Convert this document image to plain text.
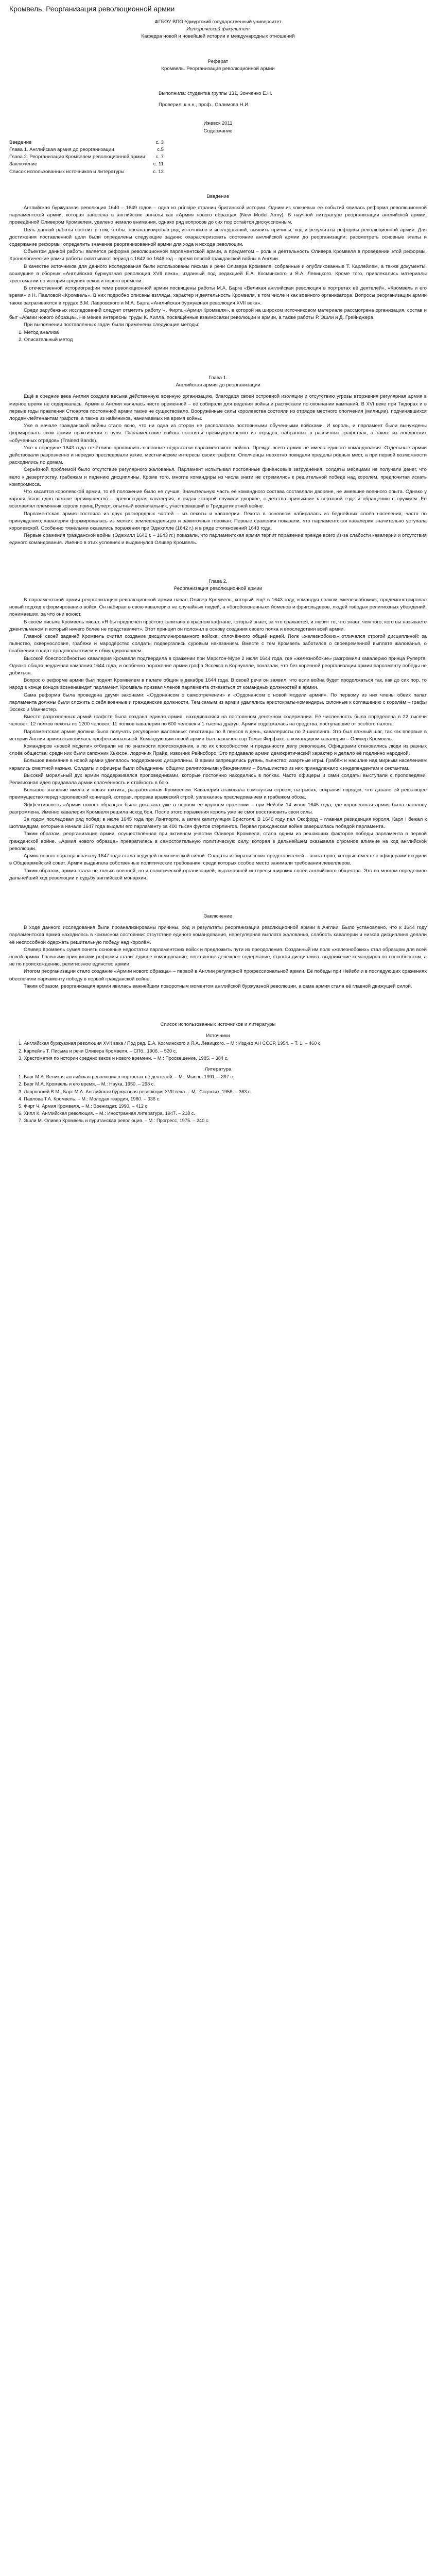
Кромвель. Реорганизация революционной армии
ФГБОУ ВПО Удмуртский государственный университет
Исторический факультет
Кафедра новой и новейшей истории и международных отношений
Реферат
Кромвель. Реорганизация революционной армии
Выполнила: студентка группы 131, Зонченко Е.Н.
Проверил: к.н.н., проф., Салимова Н.И.
Ижевск 2011
Содержание
Введение	с. 3
Глава 1. Английская армия до реорганизации	с.5
Глава 2. Реорганизация Кромвелем революционной армии с. 7
Заключение	с. 11
Список использованных источников и литературы	с. 12
Введение

Английская буржуазная революция 1640 – 1649 годов – одна из príncipe страниц британской истории. Одним из ключевых её событий явилась реформа революционной парламентской армии, которая занесена в английские анналы как «Армия нового образца» (New Model Army). В научной литературе реорганизации английской армии, проведённой Оливером Кромвелем, уделено немало внимания, однако ряд вопросов до сих пор остаётся дискуссионным.

Цель данной работы состоит в том, чтобы, проанализировав ряд источников и исследований, выявить причины, ход и результаты реформы революционной армии. Для достижения поставленной цели были определены следующие задачи: охарактеризовать состояние английской армии до реорганизации; рассмотреть основные этапы и содержание реформы; определить значение реорганизованной армии для хода и исхода революции.

Объектом данной работы является реформа революционной парламентской армии, а предметом – роль и деятельность Оливера Кромвеля в проведении этой реформы. Хронологические рамки работы охватывают период с 1642 по 1646 год – время первой гражданской войны в Англии.

В качестве источников для данного исследования были использованы письма и речи Оливера Кромвеля, собранные и опубликованные Т. Карлейлем, а также документы, вошедшие в сборник «Английская буржуазная революция XVII века», изданный под редакцией Е.А. Косминского и Я.А. Левицкого. Кроме того, привлекались материалы хрестоматии по истории средних веков и нового времени.

В отечественной историографии теме революционной армии посвящены работы М.А. Барга «Великая английская революция в портретах её деятелей», «Кромвель и его время» и Н. Павловой «Кромвель». В них подробно описаны взгляды, характер и деятельность Кромвеля, в том числе и как военного организатора. Вопросы реорганизации армии также затрагиваются в трудах В.М. Лавровского и М.А. Барга «Английская буржуазная революция XVII века».

Среди зарубежных исследований следует отметить работу Ч. Фирта «Армия Кромвеля», в которой на широком источниковом материале рассмотрена организация, состав и быт «Армии нового образца». Не менее интересны труды К. Хилла, посвящённые взаимосвязи революции и армии, а также работы Р. Эшли и Д. Грейнджера.

При выполнении поставленных задач были применены следующие методы:

1. Метод анализа
2. Описательный метод
Глава 1.
Английская армия до реорганизации

Ещё в средние века Англия создала весьма действенную военную организацию, благодаря своей островной изоляции и отсутствию угрозы вторжения регулярная армия в мирное время не содержалась. Армия в Англии являлась чисто временной – её собирали для ведения войны и распускали по окончании кампаний. В XVI веке при Тюдорах и в первые годы правления Стюартов постоянной армии также не существовало. Вооружённые силы королевства состояли из отрядов местного ополчения (милиции), подчинявшихся лордам-лейтенантам графств, а также из наёмников, нанимаемых на время войны.

Уже в начале гражданской войны стало ясно, что ни одна из сторон не располагала постоянными обученными войсками. И король, и парламент были вынуждены формировать свои армии практически с нуля. Парламентские войска состояли преимущественно из отрядов, набранных в различных графствах, а также из лондонских «обученных отрядов» (Trained Bands).

Уже к середине 1643 года отчётливо проявились основные недостатки парламентского войска. Прежде всего армия не имела единого командования. Отдельные армии действовали разрозненно и нередко преследовали узкие, местнические интересы своих графств. Ополченцы неохотно покидали пределы родных мест, а при первой возможности расходились по домам.

Серьёзной проблемой было отсутствие регулярного жалованья. Парламент испытывал постоянные финансовые затруднения, солдаты месяцами не получали денег, что вело к дезертирству, грабежам и падению дисциплины. Кроме того, многие командиры из числа знати не стремились к решительной победе над королём, предпочитая искать компромисса.

Что касается королевской армии, то её положение было не лучше. Значительную часть её командного состава составляли дворяне, не имевшие военного опыта. Однако у короля было одно важное преимущество – превосходная кавалерия, в рядах которой служили дворяне, с детства привыкшие к верховой езде и обращению с оружием. Её возглавлял племянник короля принц Руперт, опытный военачальник, участвовавший в Тридцатилетней войне.

Парламентская армия состояла из двух разнородных частей – из пехоты и кавалерии. Пехота в основном набиралась из беднейших слоёв населения, часто по принуждению; кавалерия формировалась из мелких землевладельцев и зажиточных горожан. Первые сражения показали, что парламентская кавалерия значительно уступала королевской. Особенно тяжёлыми оказались поражения при Эджхилле (1642 г.) и в ряде столкновений 1643 года.

Первые сражения гражданской войны (Эджхилл 1642 г. – 1643 гг.) показали, что парламентская армия терпит поражение прежде всего из-за слабости кавалерии и отсутствия единого командования. Именно в этих условиях и выдвинулся Оливер Кромвель.

Глава 2.
Реорганизация революционной армии

В парламентской армии реорганизацию революционной армии начал Оливер Кромвель, который ещё в 1643 году, командуя полком «железнобоких», продемонстрировал новый подход к формированию войск. Он набирал в свою кавалерию не случайных людей, а «богобоязненных» йоменов и фригольдеров, людей твёрдых религиозных убеждений, понимавших, за что они воюют.

В своём письме Кромвель писал: «Я бы предпочёл простого капитана в красном кафтане, который знает, за что сражается, и любит то, что знает, чем того, кого вы называете джентльменом и который ничего более не представляет». Этот принцип он положил в основу создания своего полка и впоследствии всей армии.

Главной своей задачей Кромвель считал создание дисциплинированного войска, сплочённого общей идеей. Полк «железнобоких» отличался строгой дисциплиной: за пьянство, сквернословие, грабежи и мародёрство солдаты подвергались суровым наказаниям. Вместе с тем Кромвель заботился о своевременной выплате жалованья, о снабжении солдат продовольствием и обмундированием.

Высокой боеспособностью кавалерия Кромвеля подтвердила в сражении при Марстон-Муре 2 июля 1644 года, где «железнобокие» разгромили кавалерию принца Руперта. Однако общая неудачная кампания 1644 года, и особенно поражение армии графа Эссекса в Корнуолле, показали, что без коренной реорганизации армии парламенту победы не добиться.

Вопрос о реформе армии был поднят Кромвелем в палате общин в декабре 1644 года. В своей речи он заявил, что если война будет продолжаться так, как до сих пор, то народ в конце концов возненавидит парламент. Кромвель призвал членов парламента отказаться от командных должностей в армии.

Сама реформа была проведена двумя законами: «Ордонансом о самоотречении» и «Ордонансом о новой модели армии». По первому из них члены обеих палат парламента должны были сложить с себя военные и гражданские должности. Тем самым из армии удалялись аристократы-командиры, склонные к соглашению с королём – графы Эссекс и Манчестер.

Вместо разрозненных армий графств была создана единая армия, находившаяся на постоянном денежном содержании. Её численность была определена в 22 тысячи человек: 12 полков пехоты по 1200 человек, 11 полков кавалерии по 600 человек и 1 тысяча драгун. Армия содержалась на средства, поступавшие от особого налога.

Парламентская армия должна была получать регулярное жалованье: пехотинцы по 8 пенсов в день, кавалеристы по 2 шиллинга. Это был важный шаг, так как впервые в истории Англии армия становилась профессиональной. Командующим новой армии был назначен сэр Томас Ферфакс, а командиром кавалерии – Оливер Кромвель.

Командиров «новой модели» отбирали не по знатности происхождения, а по их способностям и преданности делу революции. Офицерами становились люди из разных слоёв общества: среди них были сапожник Хьюсон, лодочник Прайд, извозчик Рейнсборо. Это придавало армии демократический характер и делало её подлинно народной.

Большое внимание в новой армии уделялось поддержанию дисциплины. В армии запрещались ругань, пьянство, азартные игры. Грабёж и насилие над мирным населением карались смертной казнью. Солдаты и офицеры были объединены общими религиозными убеждениями – большинство из них принадлежало к индепендентам и сектантам.

Высокий моральный дух армии поддерживался проповедниками, которые постоянно находились в полках. Часто офицеры и сами солдаты выступали с проповедями. Религиозная идея придавала армии сплочённость и стойкость в бою.

Большое значение имела и новая тактика, разработанная Кромвелем. Кавалерия атаковала сомкнутым строем, на рысях, сохраняя порядок, что давало ей решающее преимущество перед королевской конницей, которая, прорвав вражеский строй, увлекалась преследованием и грабежом обоза.

Эффективность «Армии нового образца» была доказана уже в первом её крупном сражении – при Нейзби 14 июня 1645 года, где королевская армия была наголову разгромлена. Именно кавалерия Кромвеля решила исход боя. После этого поражения король уже не смог восстановить свои силы.

За годом последовал ряд побед: в июле 1645 года при Лэнгпорте, а затем капитуляция Бристоля. В 1646 году пал Оксфорд – главная резиденция короля. Карл I бежал к шотландцам, которые в начале 1647 года выдали его парламенту за 400 тысяч фунтов стерлингов. Первая гражданская война завершилась победой парламента.

Таким образом, реорганизация армии, осуществлённая при активном участии Оливера Кромвеля, стала одним из решающих факторов победы парламента в первой гражданской войне. «Армия нового образца» превратилась в самостоятельную политическую силу, которая в дальнейшем оказывала огромное влияние на ход английской революции.

Армия нового образца к началу 1647 года стала ведущей политической силой. Солдаты избирали своих представителей – агитаторов, которые вместе с офицерами входили в Общеармейский совет. Армия выдвигала собственные политические требования, среди которых особое место занимали требования левеллеров.

Таким образом, армия стала не только военной, но и политической организацией, выражавшей интересы широких слоёв английского общества. Это во многом определило дальнейший ход революции и судьбу английской монархии.

Заключение

В ходе данного исследования были проанализированы причины, ход и результаты реорганизации революционной армии в Англии. Было установлено, что к 1644 году парламентская армия находилась в кризисном состоянии: отсутствие единого командования, нерегулярная выплата жалованья, слабость кавалерии и низкая дисциплина делали её неспособной одержать решительную победу над королём.

Оливер Кромвель сумел понять основные недостатки парламентских войск и предложить пути их преодоления. Созданный им полк «железнобоких» стал образцом для всей новой армии. Главными принципами реформы стали: единое командование, постоянное денежное содержание, строгая дисциплина, выдвижение командиров по способностям, а не по происхождению, религиозное единство армии.

Итогом реорганизации стало создание «Армии нового образца» – первой в Англии регулярной профессиональной армии. Её победы при Нейзби и в последующих сражениях обеспечили парламенту победу в первой гражданской войне.

Таким образом, реорганизация армии явилась важнейшим поворотным моментом английской буржуазной революции, а сама армия стала её главной движущей силой.

Список использованных источников и литературы
Источники
1. Английская буржуазная революция XVII века / Под ред. Е.А. Косминского и Я.А. Левицкого. – М.: Изд-во АН СССР, 1954. – Т. 1. – 460 с.
2. Карлейль Т. Письма и речи Оливера Кромвеля. – СПб., 1906. – 520 с.
3. Хрестоматия по истории средних веков и нового времени. – М.: Просвещение, 1985. – 384 с.
Литература
1. Барг М.А. Великая английская революция в портретах её деятелей. – М.: Мысль, 1991. – 397 с.
2. Барг М.А. Кромвель и его время. – М.: Наука, 1950. – 298 с.
3. Лавровский В.М., Барг М.А. Английская буржуазная революция XVII века. – М.: Соцэкгиз, 1958. – 363 с.
4. Павлова Т.А. Кромвель. – М.: Молодая гвардия, 1980. – 336 с.
5. Фирт Ч. Армия Кромвеля. – М.: Воениздат, 1990. – 412 с.
6. Хилл К. Английская революция. – М.: Иностранная литература, 1947. – 218 с.
7. Эшли М. Оливер Кромвель и пуританская революция. – М.: Прогресс, 1975. – 240 с.
